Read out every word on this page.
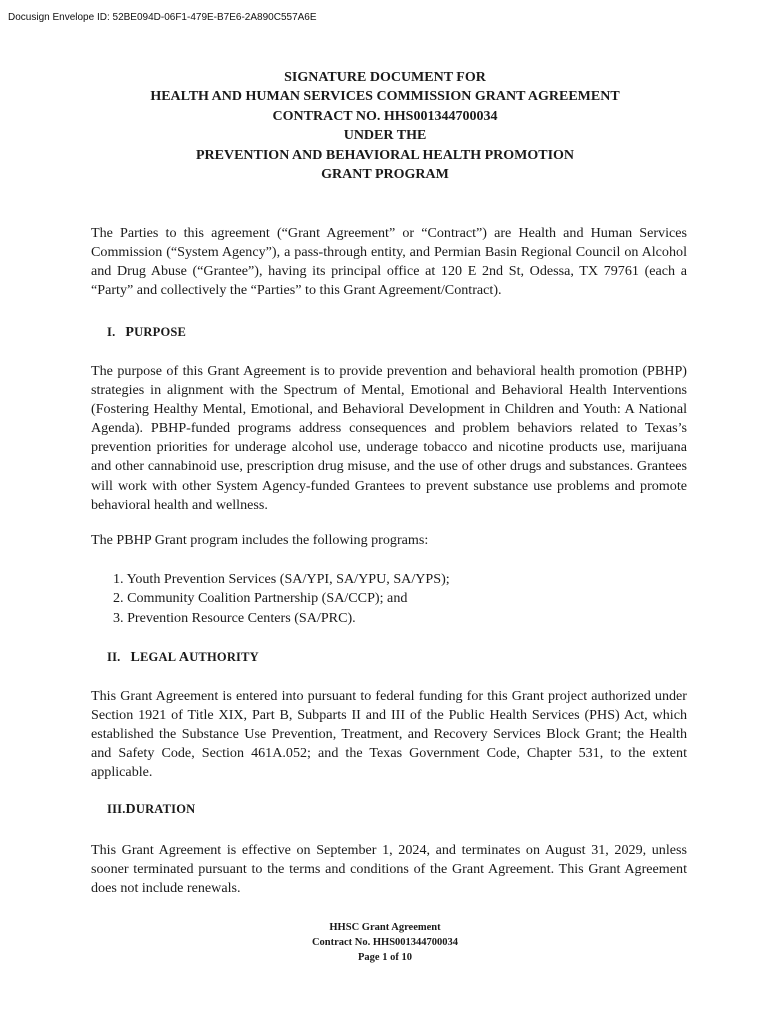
Docusign Envelope ID: 52BE094D-06F1-479E-B7E6-2A890C557A6E
SIGNATURE DOCUMENT FOR
HEALTH AND HUMAN SERVICES COMMISSION GRANT AGREEMENT
CONTRACT NO. HHS001344700034
UNDER THE
PREVENTION AND BEHAVIORAL HEALTH PROMOTION
GRANT PROGRAM

The Parties to this agreement (“Grant Agreement” or “Contract”) are Health and Human Services Commission (“System Agency”), a pass-through entity, and Permian Basin Regional Council on Alcohol and Drug Abuse (“Grantee”), having its principal office at 120 E 2nd St, Odessa, TX 79761 (each a “Party” and collectively the “Parties” to this Grant Agreement/Contract).

I. PURPOSE

The purpose of this Grant Agreement is to provide prevention and behavioral health promotion (PBHP) strategies in alignment with the Spectrum of Mental, Emotional and Behavioral Health Interventions (Fostering Healthy Mental, Emotional, and Behavioral Development in Children and Youth: A National Agenda). PBHP-funded programs address consequences and problem behaviors related to Texas’s prevention priorities for underage alcohol use, underage tobacco and nicotine products use, marijuana and other cannabinoid use, prescription drug misuse, and the use of other drugs and substances. Grantees will work with other System Agency-funded Grantees to prevent substance use problems and promote behavioral health and wellness.

The PBHP Grant program includes the following programs:

1. Youth Prevention Services (SA/YPI, SA/YPU, SA/YPS);
2. Community Coalition Partnership (SA/CCP); and
3. Prevention Resource Centers (SA/PRC).
II. LEGAL AUTHORITY

This Grant Agreement is entered into pursuant to federal funding for this Grant project authorized under Section 1921 of Title XIX, Part B, Subparts II and III of the Public Health Services (PHS) Act, which established the Substance Use Prevention, Treatment, and Recovery Services Block Grant; the Health and Safety Code, Section 461A.052; and the Texas Government Code, Chapter 531, to the extent applicable.

III.DURATION

This Grant Agreement is effective on September 1, 2024, and terminates on August 31, 2029, unless sooner terminated pursuant to the terms and conditions of the Grant Agreement. This Grant Agreement does not include renewals.

HHSC Grant Agreement
Contract No. HHS001344700034
Page 1 of 10
